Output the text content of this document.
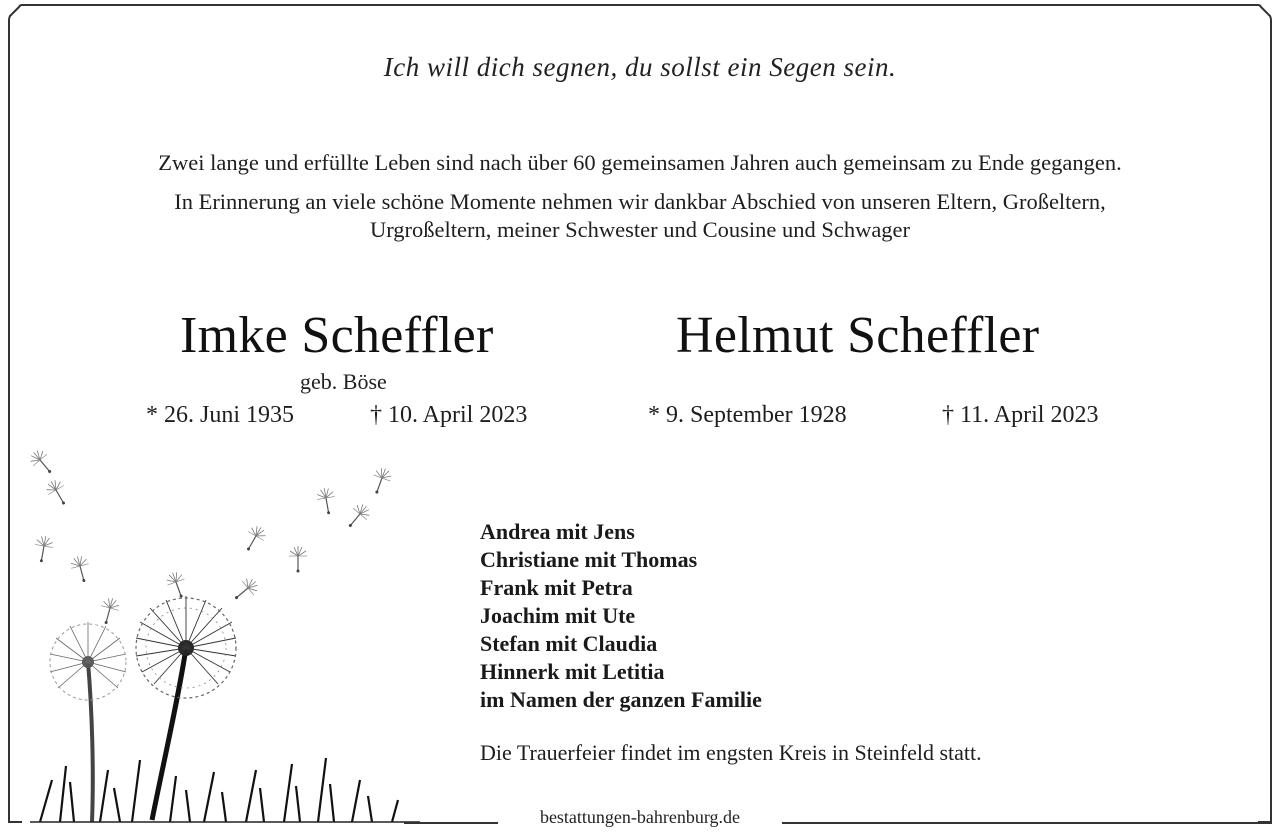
Ich will dich segnen, du sollst ein Segen sein.
Zwei lange und erfüllte Leben sind nach über 60 gemeinsamen Jahren auch gemeinsam zu Ende gegangen.
In Erinnerung an viele schöne Momente nehmen wir dankbar Abschied von unseren Eltern, Großeltern,
Urgroßeltern, meiner Schwester und Cousine und Schwager
Imke Scheffler	Helmut Scheffler
geb. Böse
* 26. Juni 1935	† 10. April 2023	* 9. September 1928	† 11. April 2023
Andrea mit Jens
Christiane mit Thomas
Frank mit Petra
Joachim mit Ute
Stefan mit Claudia
Hinnerk mit Letitia
im Namen der ganzen Familie
Die Trauerfeier findet im engsten Kreis in Steinfeld statt.
bestattungen-bahrenburg.de
